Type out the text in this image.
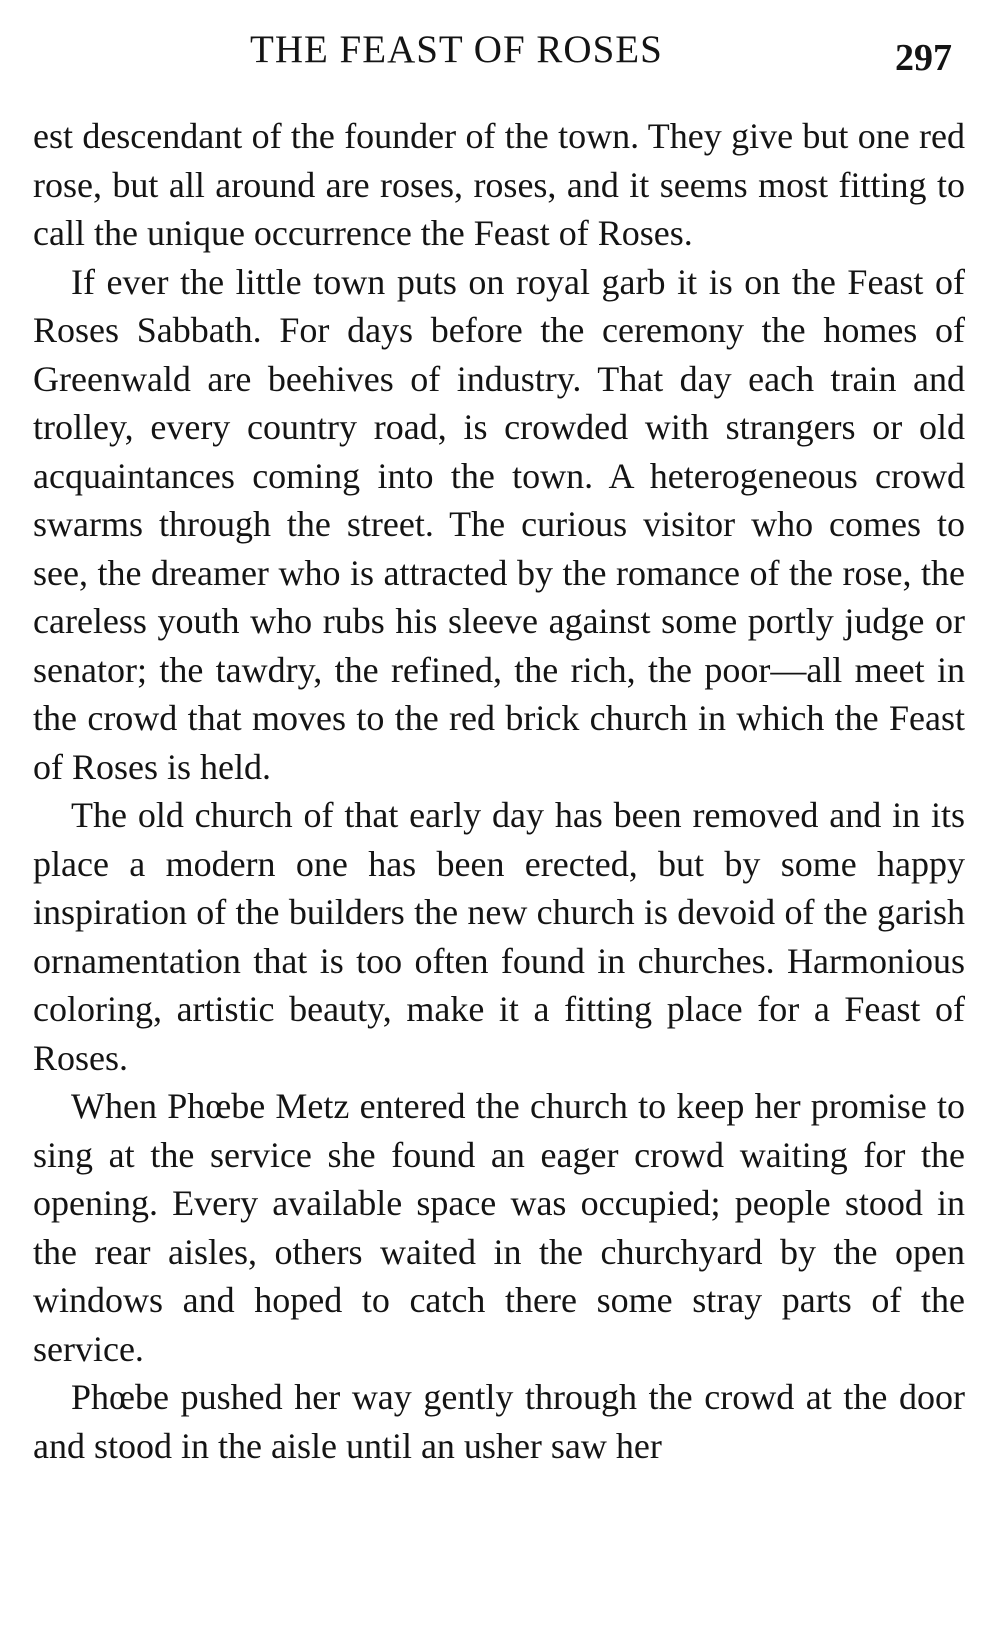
THE FEAST OF ROSES	297

est descendant of the founder of the town. They give but one red rose, but all around are roses, roses, and it seems most fitting to call the unique occurrence the Feast of Roses.

If ever the little town puts on royal garb it is on the Feast of Roses Sabbath. For days before the ceremony the homes of Greenwald are beehives of industry. That day each train and trolley, every country road, is crowded with strangers or old acquaintances coming into the town. A heterogeneous crowd swarms through the street. The curious visitor who comes to see, the dreamer who is attracted by the romance of the rose, the careless youth who rubs his sleeve against some portly judge or senator; the tawdry, the refined, the rich, the poor—all meet in the crowd that moves to the red brick church in which the Feast of Roses is held.

The old church of that early day has been removed and in its place a modern one has been erected, but by some happy inspiration of the builders the new church is devoid of the garish ornamentation that is too often found in churches. Harmonious coloring, artistic beauty, make it a fitting place for a Feast of Roses.

When Phœbe Metz entered the church to keep her promise to sing at the service she found an eager crowd waiting for the opening. Every available space was occupied; people stood in the rear aisles, others waited in the churchyard by the open windows and hoped to catch there some stray parts of the service.

Phœbe pushed her way gently through the crowd at the door and stood in the aisle until an usher saw her
